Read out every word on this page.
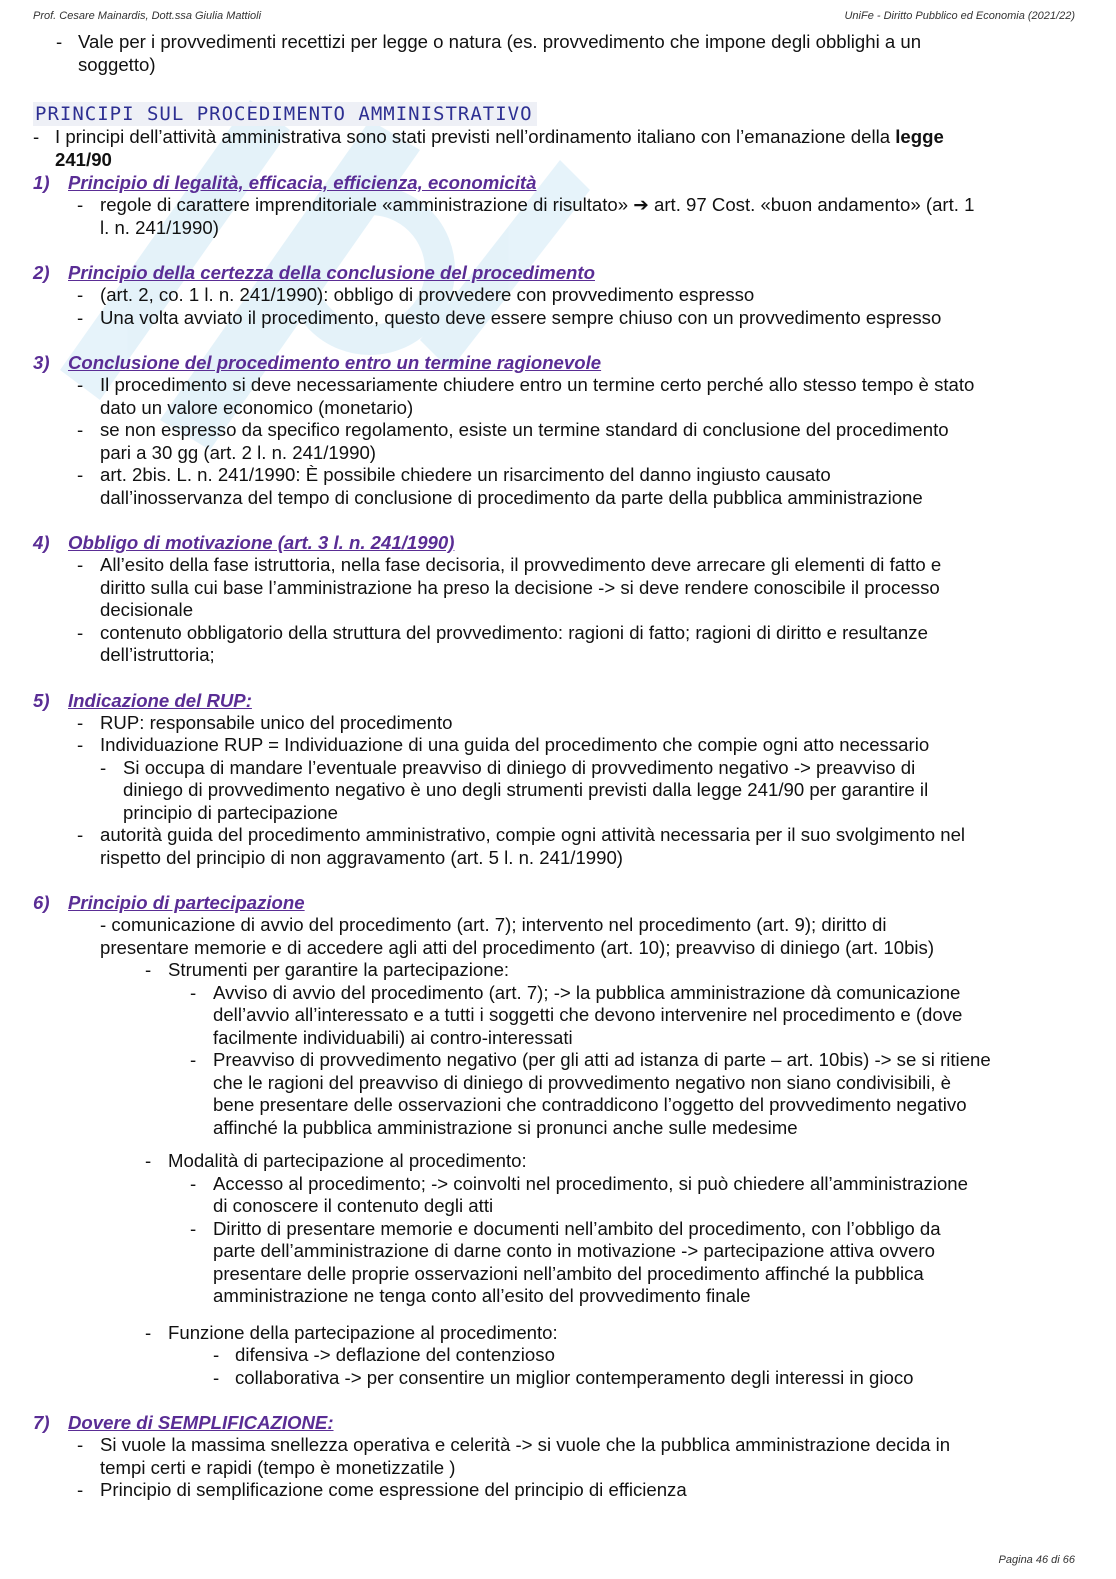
Prof. Cesare Mainardis, Dott.ssa Giulia Mattioli	UniFe - Diritto Pubblico ed Economia (2021/22)
- Vale per i provvedimenti recettizi per legge o natura (es. provvedimento che impone degli obblighi a un
soggetto)
PRINCIPI SUL PROCEDIMENTO AMMINISTRATIVO
- I principi dell’attività amministrativa sono stati previsti nell’ordinamento italiano con l’emanazione della legge
241/90
1) Principio di legalità, efficacia, efficienza, economicità
- regole di carattere imprenditoriale «amministrazione di risultato» ➔ art. 97 Cost. «buon andamento» (art. 1
l. n. 241/1990)
2) Principio della certezza della conclusione del procedimento
- (art. 2, co. 1 l. n. 241/1990): obbligo di provvedere con provvedimento espresso
- Una volta avviato il procedimento, questo deve essere sempre chiuso con un provvedimento espresso
3) Conclusione del procedimento entro un termine ragionevole
- Il procedimento si deve necessariamente chiudere entro un termine certo perché allo stesso tempo è stato
dato un valore economico (monetario)
- se non espresso da specifico regolamento, esiste un termine standard di conclusione del procedimento
pari a 30 gg (art. 2 l. n. 241/1990)
- art. 2bis. L. n. 241/1990: È possibile chiedere un risarcimento del danno ingiusto causato
dall’inosservanza del tempo di conclusione di procedimento da parte della pubblica amministrazione
4) Obbligo di motivazione (art. 3 l. n. 241/1990)
- All’esito della fase istruttoria, nella fase decisoria, il provvedimento deve arrecare gli elementi di fatto e
diritto sulla cui base l’amministrazione ha preso la decisione -> si deve rendere conoscibile il processo
decisionale
- contenuto obbligatorio della struttura del provvedimento: ragioni di fatto; ragioni di diritto e resultanze
dell’istruttoria;
5) Indicazione del RUP:
- RUP: responsabile unico del procedimento
- Individuazione RUP = Individuazione di una guida del procedimento che compie ogni atto necessario
- Si occupa di mandare l’eventuale preavviso di diniego di provvedimento negativo -> preavviso di
diniego di provvedimento negativo è uno degli strumenti previsti dalla legge 241/90 per garantire il
principio di partecipazione
- autorità guida del procedimento amministrativo, compie ogni attività necessaria per il suo svolgimento nel
rispetto del principio di non aggravamento (art. 5 l. n. 241/1990)
6) Principio di partecipazione
- comunicazione di avvio del procedimento (art. 7); intervento nel procedimento (art. 9); diritto di
presentare memorie e di accedere agli atti del procedimento (art. 10); preavviso di diniego (art. 10bis)
- Strumenti per garantire la partecipazione:
- Avviso di avvio del procedimento (art. 7); -> la pubblica amministrazione dà comunicazione
dell’avvio all’interessato e a tutti i soggetti che devono intervenire nel procedimento e (dove
facilmente individuabili) ai contro-interessati
- Preavviso di provvedimento negativo (per gli atti ad istanza di parte – art. 10bis) -> se si ritiene
che le ragioni del preavviso di diniego di provvedimento negativo non siano condivisibili, è
bene presentare delle osservazioni che contraddicono l’oggetto del provvedimento negativo
affinché la pubblica amministrazione si pronunci anche sulle medesime
- Modalità di partecipazione al procedimento:
- Accesso al procedimento; -> coinvolti nel procedimento, si può chiedere all’amministrazione
di conoscere il contenuto degli atti
- Diritto di presentare memorie e documenti nell’ambito del procedimento, con l’obbligo da
parte dell’amministrazione di darne conto in motivazione -> partecipazione attiva ovvero
presentare delle proprie osservazioni nell’ambito del procedimento affinché la pubblica
amministrazione ne tenga conto all’esito del provvedimento finale
- Funzione della partecipazione al procedimento:
- difensiva -> deflazione del contenzioso
- collaborativa -> per consentire un miglior contemperamento degli interessi in gioco
7) Dovere di SEMPLIFICAZIONE:
- Si vuole la massima snellezza operativa e celerità -> si vuole che la pubblica amministrazione decida in
tempi certi e rapidi (tempo è monetizzatile )
- Principio di semplificazione come espressione del principio di efficienza
Pagina 46 di 66
